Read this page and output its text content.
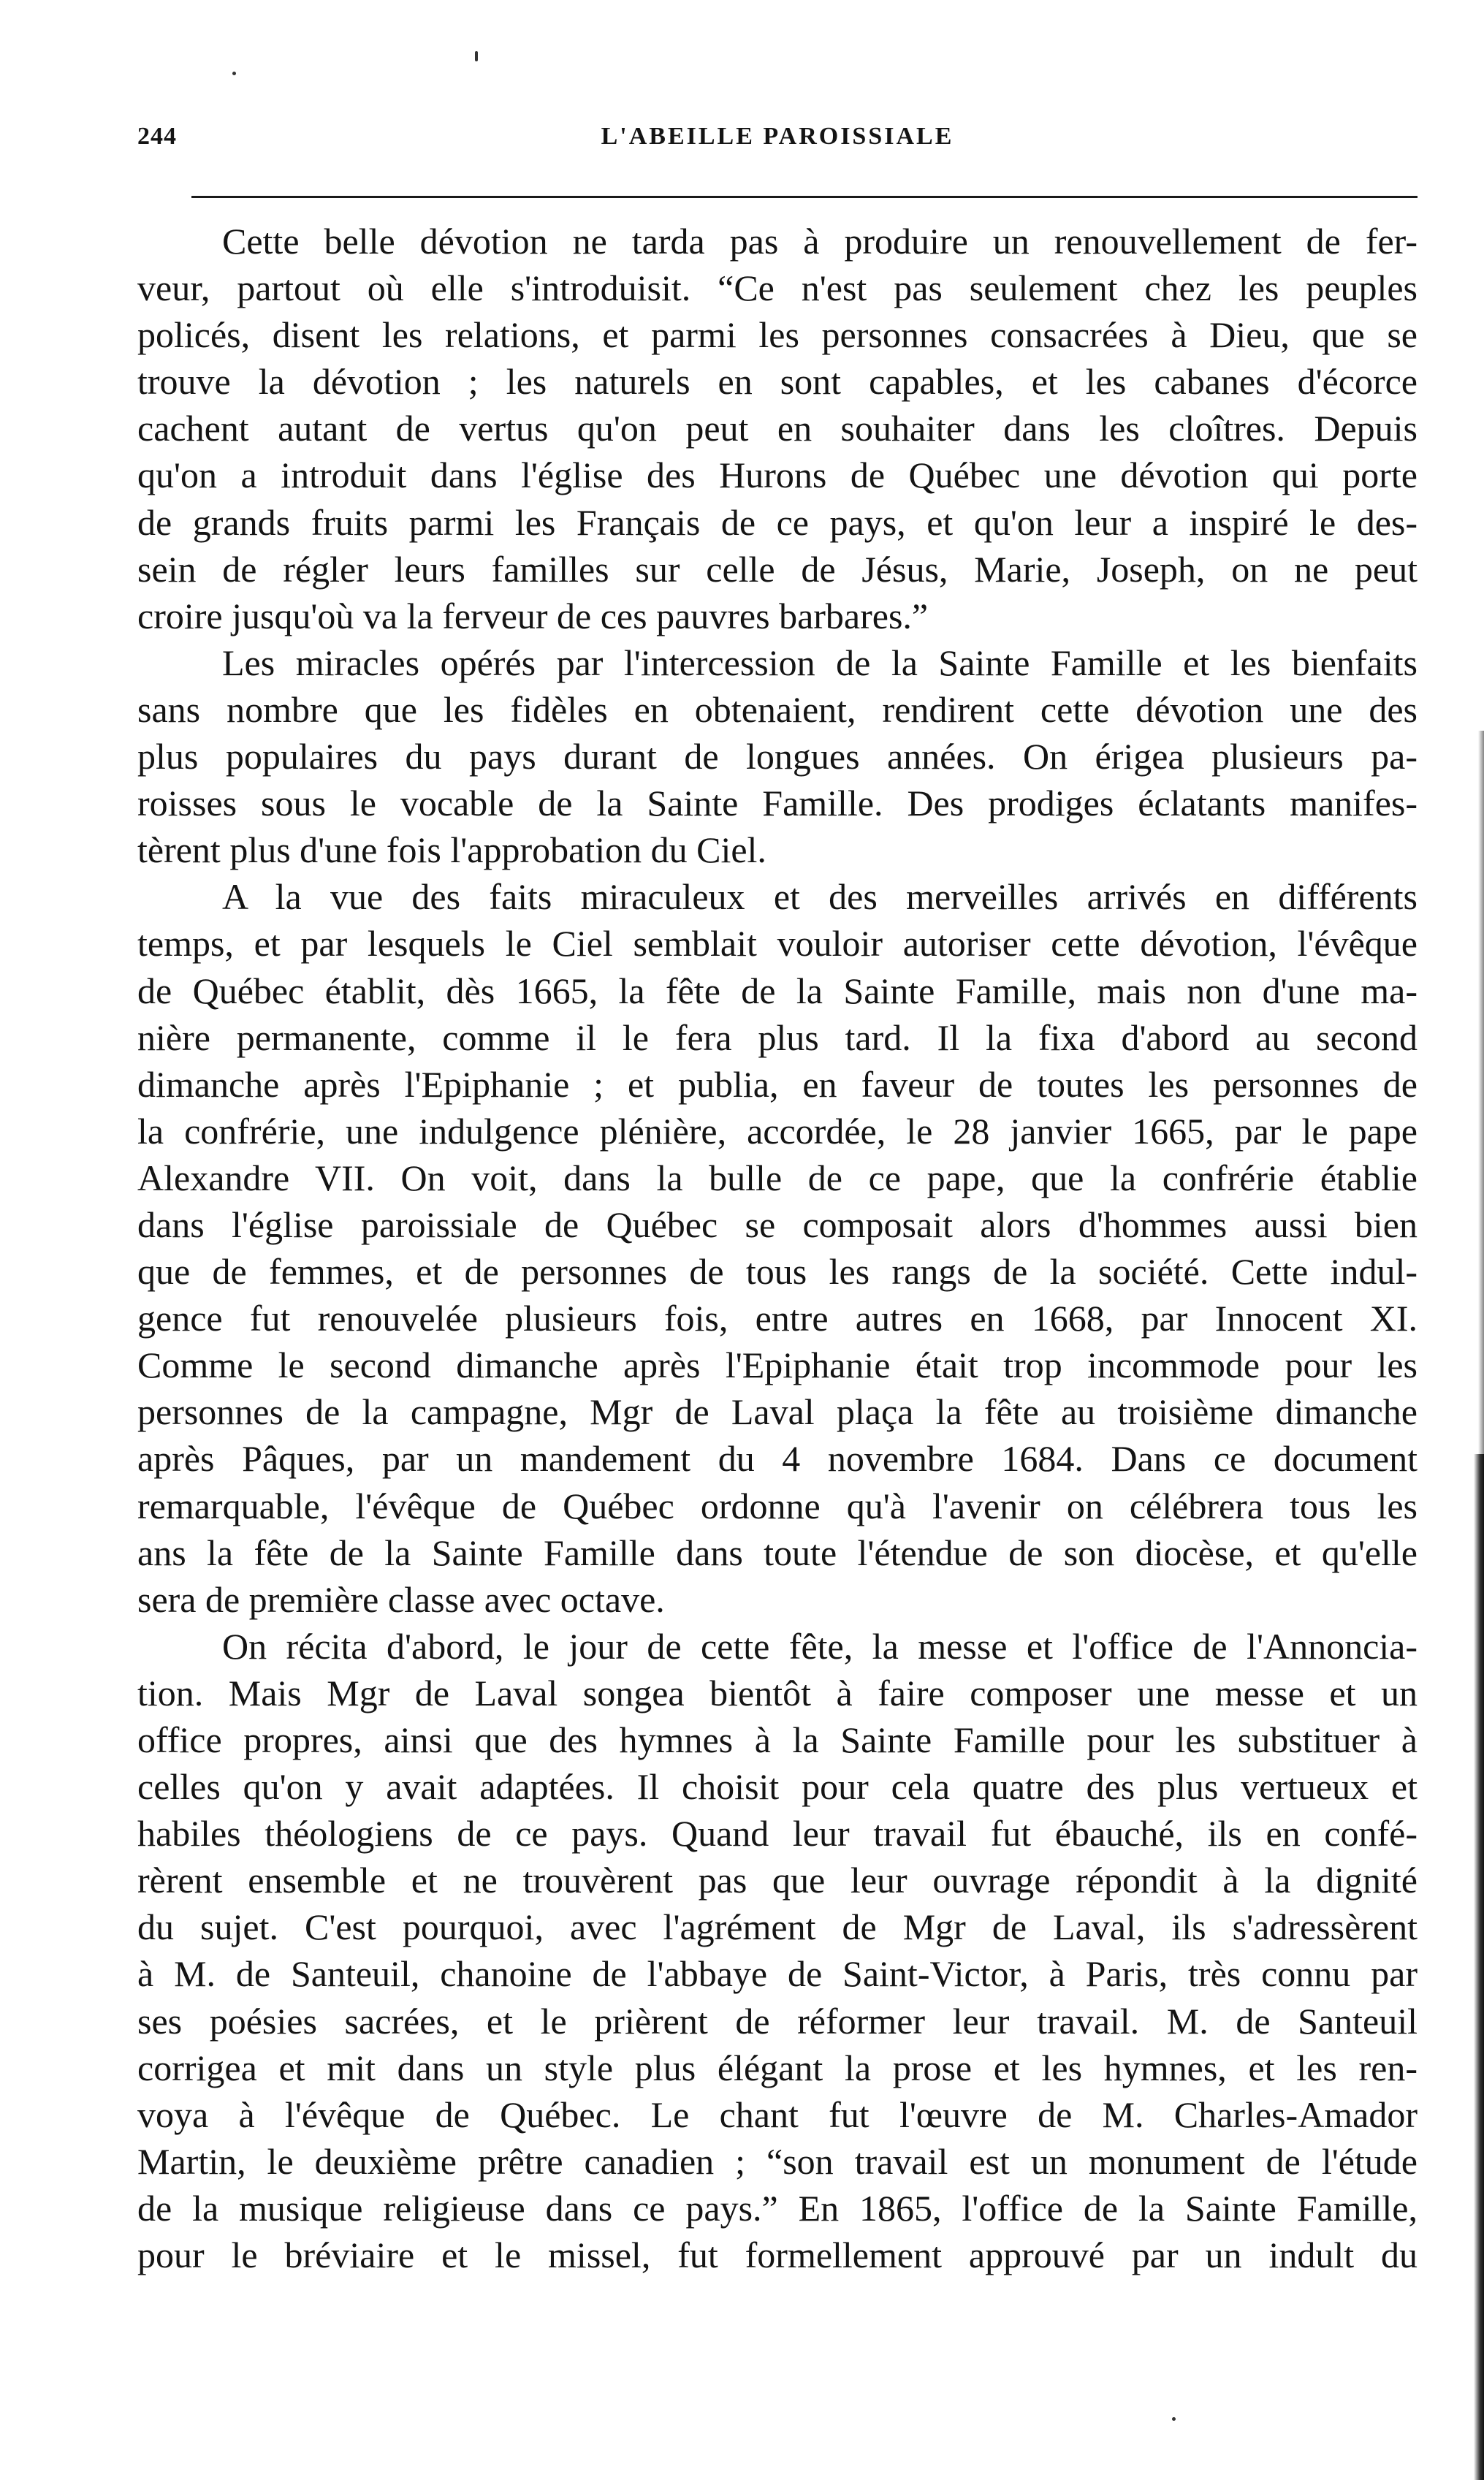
244	L'ABEILLE PAROISSIALE
Cette belle dévotion ne tarda pas à produire un renouvellement de fer-
veur, partout où elle s'introduisit. “Ce n'est pas seulement chez les peuples
policés, disent les relations, et parmi les personnes consacrées à Dieu, que se
trouve la dévotion ; les naturels en sont capables, et les cabanes d'écorce
cachent autant de vertus qu'on peut en souhaiter dans les cloîtres. Depuis
qu'on a introduit dans l'église des Hurons de Québec une dévotion qui porte
de grands fruits parmi les Français de ce pays, et qu'on leur a inspiré le des-
sein de régler leurs familles sur celle de Jésus, Marie, Joseph, on ne peut
croire jusqu'où va la ferveur de ces pauvres barbares.”
Les miracles opérés par l'intercession de la Sainte Famille et les bienfaits
sans nombre que les fidèles en obtenaient, rendirent cette dévotion une des
plus populaires du pays durant de longues années. On érigea plusieurs pa-
roisses sous le vocable de la Sainte Famille. Des prodiges éclatants manifes-
tèrent plus d'une fois l'approbation du Ciel.
A la vue des faits miraculeux et des merveilles arrivés en différents
temps, et par lesquels le Ciel semblait vouloir autoriser cette dévotion, l'évêque
de Québec établit, dès 1665, la fête de la Sainte Famille, mais non d'une ma-
nière permanente, comme il le fera plus tard. Il la fixa d'abord au second
dimanche après l'Epiphanie ; et publia, en faveur de toutes les personnes de
la confrérie, une indulgence plénière, accordée, le 28 janvier 1665, par le pape
Alexandre VII. On voit, dans la bulle de ce pape, que la confrérie établie
dans l'église paroissiale de Québec se composait alors d'hommes aussi bien
que de femmes, et de personnes de tous les rangs de la société. Cette indul-
gence fut renouvelée plusieurs fois, entre autres en 1668, par Innocent XI.
Comme le second dimanche après l'Epiphanie était trop incommode pour les
personnes de la campagne, Mgr de Laval plaça la fête au troisième dimanche
après Pâques, par un mandement du 4 novembre 1684. Dans ce document
remarquable, l'évêque de Québec ordonne qu'à l'avenir on célébrera tous les
ans la fête de la Sainte Famille dans toute l'étendue de son diocèse, et qu'elle
sera de première classe avec octave.
On récita d'abord, le jour de cette fête, la messe et l'office de l'Annoncia-
tion. Mais Mgr de Laval songea bientôt à faire composer une messe et un
office propres, ainsi que des hymnes à la Sainte Famille pour les substituer à
celles qu'on y avait adaptées. Il choisit pour cela quatre des plus vertueux et
habiles théologiens de ce pays. Quand leur travail fut ébauché, ils en confé-
rèrent ensemble et ne trouvèrent pas que leur ouvrage répondit à la dignité
du sujet. C'est pourquoi, avec l'agrément de Mgr de Laval, ils s'adressèrent
à M. de Santeuil, chanoine de l'abbaye de Saint-Victor, à Paris, très connu par
ses poésies sacrées, et le prièrent de réformer leur travail. M. de Santeuil
corrigea et mit dans un style plus élégant la prose et les hymnes, et les ren-
voya à l'évêque de Québec. Le chant fut l'œuvre de M. Charles-Amador
Martin, le deuxième prêtre canadien ; “son travail est un monument de l'étude
de la musique religieuse dans ce pays.” En 1865, l'office de la Sainte Famille,
pour le bréviaire et le missel, fut formellement approuvé par un indult du
